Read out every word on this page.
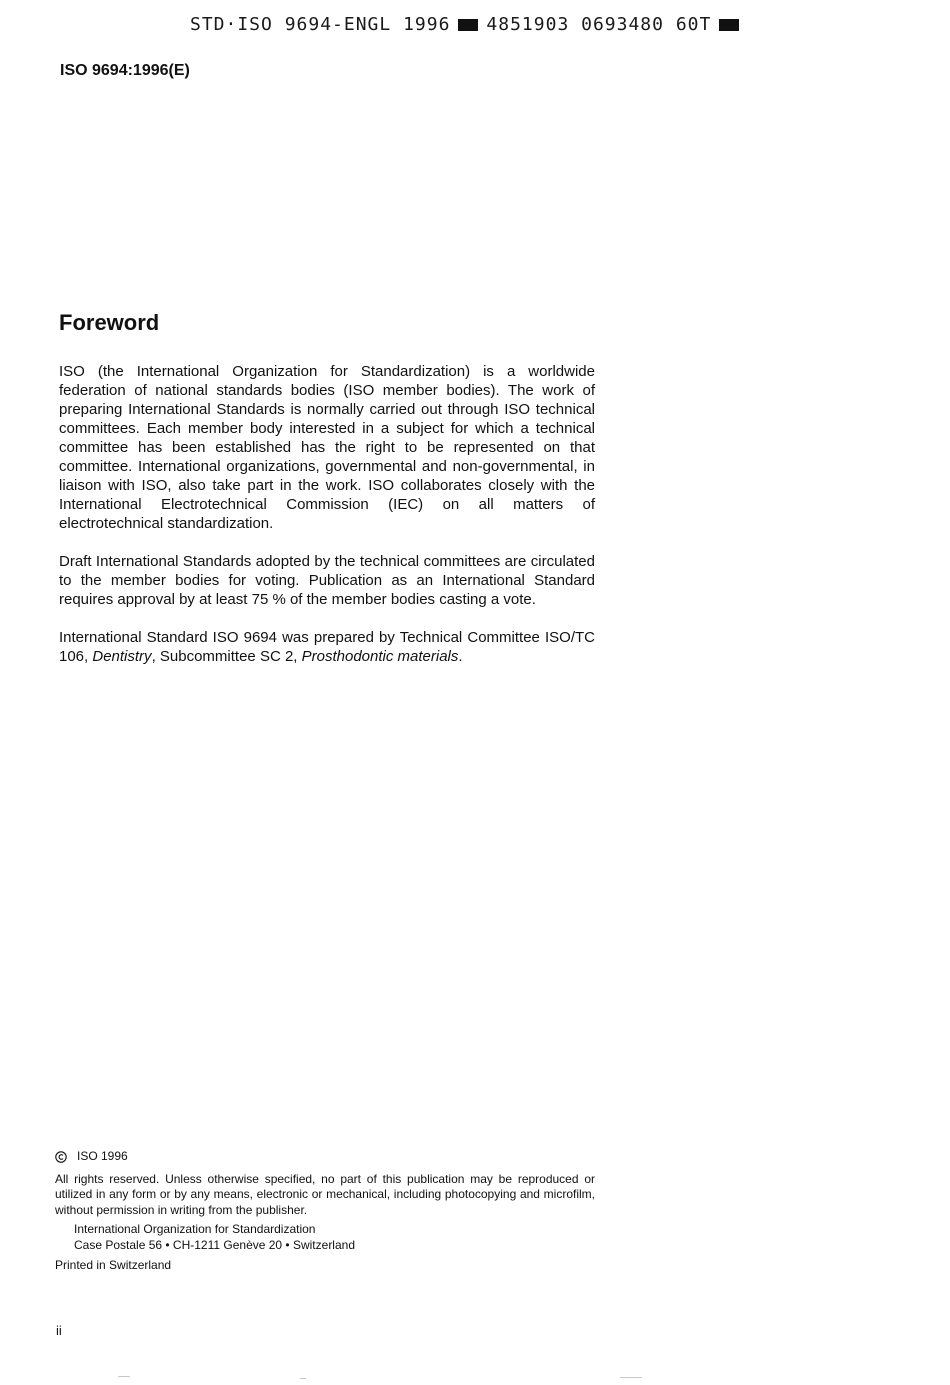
STD·ISO 9694-ENGL 1996 4851903 0693480 60T
ISO 9694:1996(E)
Foreword

ISO (the International Organization for Standardization) is a worldwide federation of national standards bodies (ISO member bodies). The work of preparing International Standards is normally carried out through ISO technical committees. Each member body interested in a subject for which a technical committee has been established has the right to be represented on that committee. International organizations, governmental and non-governmental, in liaison with ISO, also take part in the work. ISO collaborates closely with the International Electrotechnical Commission (IEC) on all matters of electrotechnical standardization.

Draft International Standards adopted by the technical committees are circulated to the member bodies for voting. Publication as an International Standard requires approval by at least 75 % of the member bodies casting a vote.

International Standard ISO 9694 was prepared by Technical Committee ISO/TC 106, Dentistry, Subcommittee SC 2, Prosthodontic materials.

ISO 1996

All rights reserved. Unless otherwise specified, no part of this publication may be reproduced or utilized in any form or by any means, electronic or mechanical, including photocopying and microfilm, without permission in writing from the publisher.

International Organization for Standardization
Case Postale 56 • CH-1211 Genève 20 • Switzerland

Printed in Switzerland

ii
